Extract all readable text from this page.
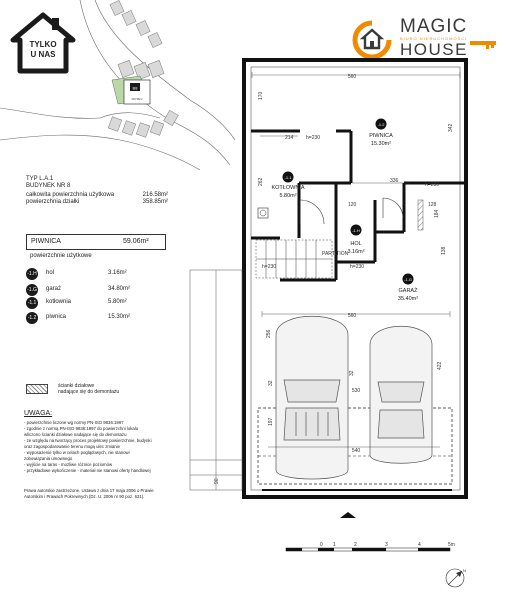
TYLKO
U NAS
B8
216.58m²
MAGIC
BIURO NIERUCHOMOŚCI
HOUSE
TYP L.A.1
BUDYNEK NR 8
całkowita powierzchnia użytkowa	216.58m²
powierzchnia działki	358.85m²
PIWNICA	59.06m²
powierzchnie użytkowe
-1.H hol	3.16m²
-1.G garaż	34.80m²
-1.1 kotłownia	5.80m²
-1.2 piwnica	15.30m²
ścianki działowe
nadające się do demontażu
UWAGA:
- powierzchnie liczone wg normy PN-ISO 9836:1997
- zgodnie z normą PN-ISO 9836:1997 do powierzchni lokalu
wliczono ścianki działowe nadające się do demontażu
- ze względu na tworzący proces projektowy powierzchnie, budynki
oraz zagospodarowanie terenu mogą ulec zmianie
- wyposażenie tylko w celach poglądowych, nie stanowi
zobowiązania umownego
- wyjście na taras - możliwe różnice poziomów
- przykładowe wykończenie - materiał nie stanowi oferty handlowej
Prawa autorskie zastrzeżone. Ustawa z dnia 17 maja 2006 o Prawie
Autorskim i Prawach Pokrewnych (Dz. U. 2006 nr 90 poz. 631).
560
170
342
214	h=230
h=230
h=230
h=230
336
262
120	128
184
138
560
256
32
32
197
530
422
540
90
-1.2
PIWNICA
15.30m²
-1.1
KOTŁOWNIA
5.80m²
-1.H
HOL
3.16m²
-1.G
GARAŻ
35.40m²
PARTITION
0 1	2	3	4	5m
N
